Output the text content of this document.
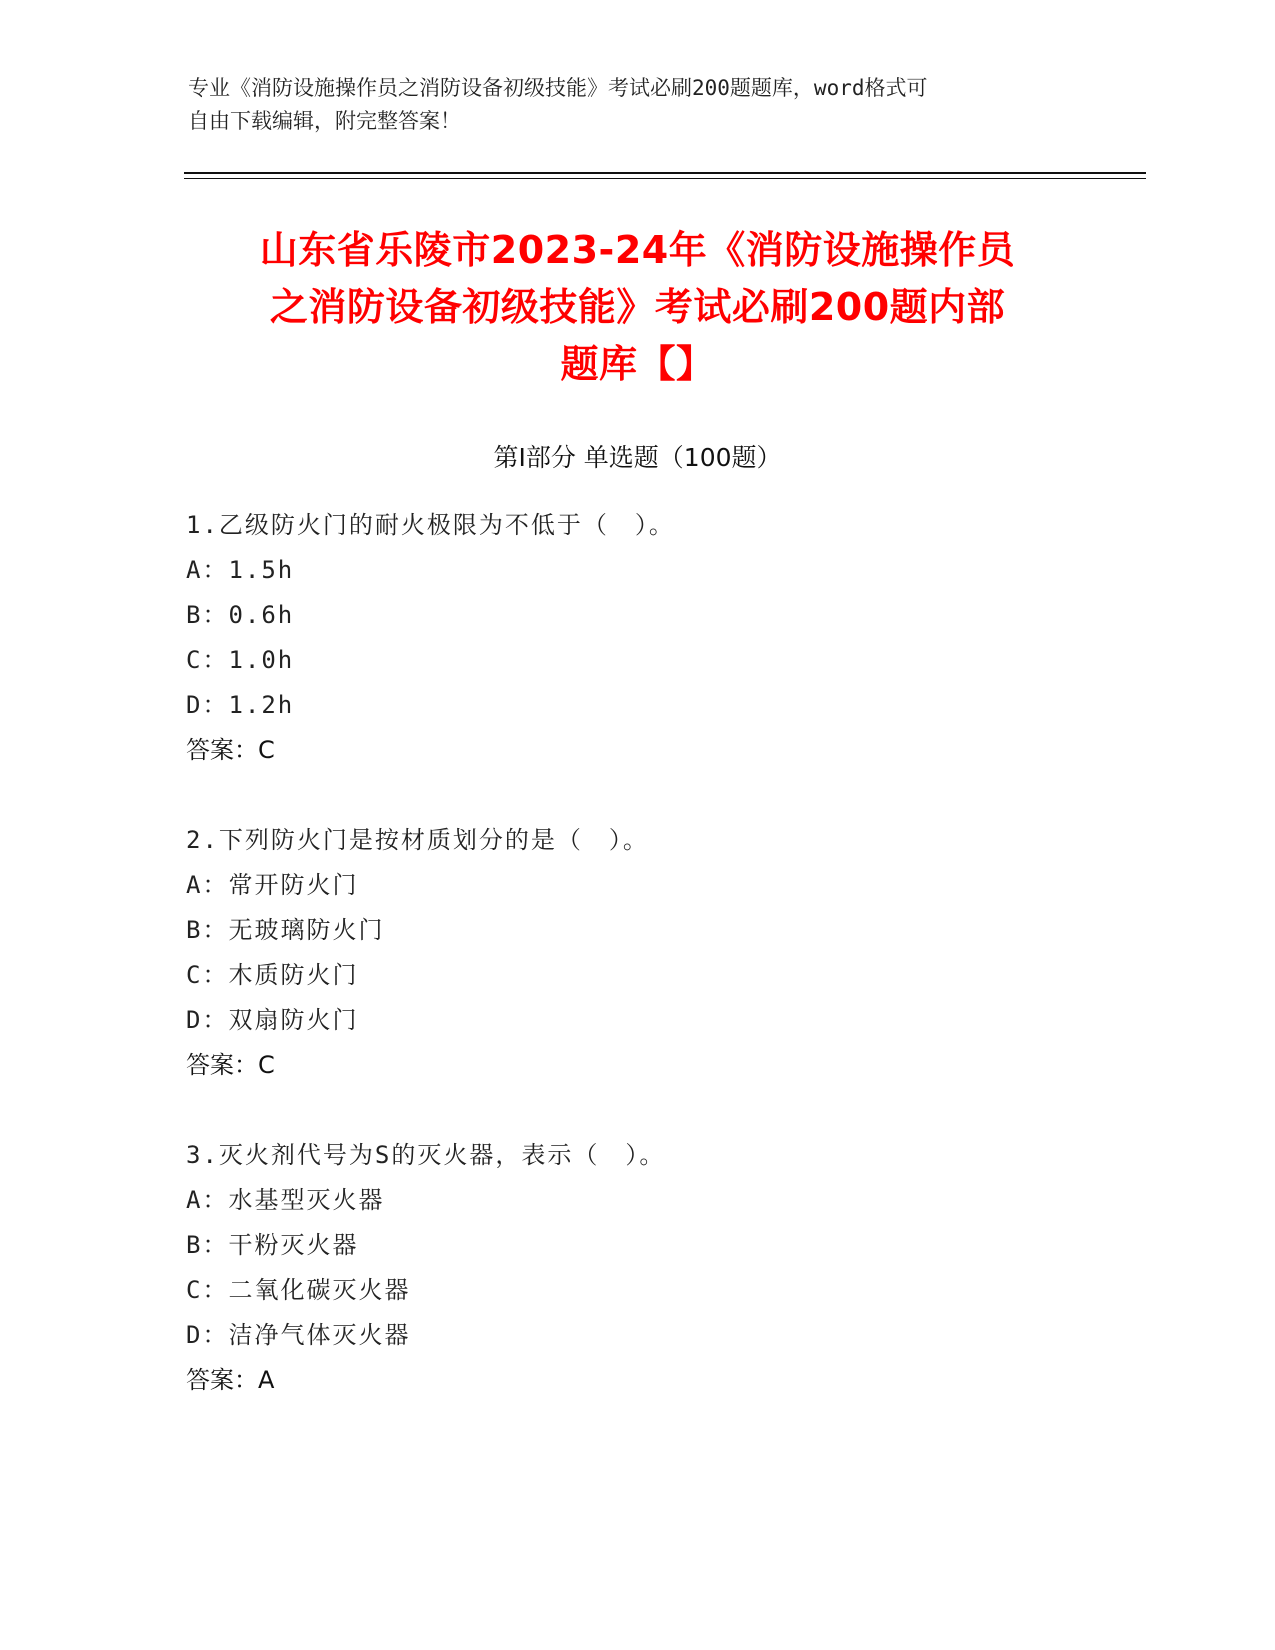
专业《消防设施操作员之消防设备初级技能》考试必刷200题题库，word格式可
自由下载编辑，附完整答案！
山东省乐陵市2023-24年《消防设施操作员
之消防设备初级技能》考试必刷200题内部
题库【】
第I部分 单选题（100题）
1.乙级防火门的耐火极限为不低于（　）。
A：1.5h
B：0.6h
C：1.0h
D：1.2h
答案：C
2.下列防火门是按材质划分的是（　）。
A：常开防火门
B：无玻璃防火门
C：木质防火门
D：双扇防火门
答案：C
3.灭火剂代号为S的灭火器，表示（　）。
A：水基型灭火器
B：干粉灭火器
C：二氧化碳灭火器
D：洁净气体灭火器
答案：A
